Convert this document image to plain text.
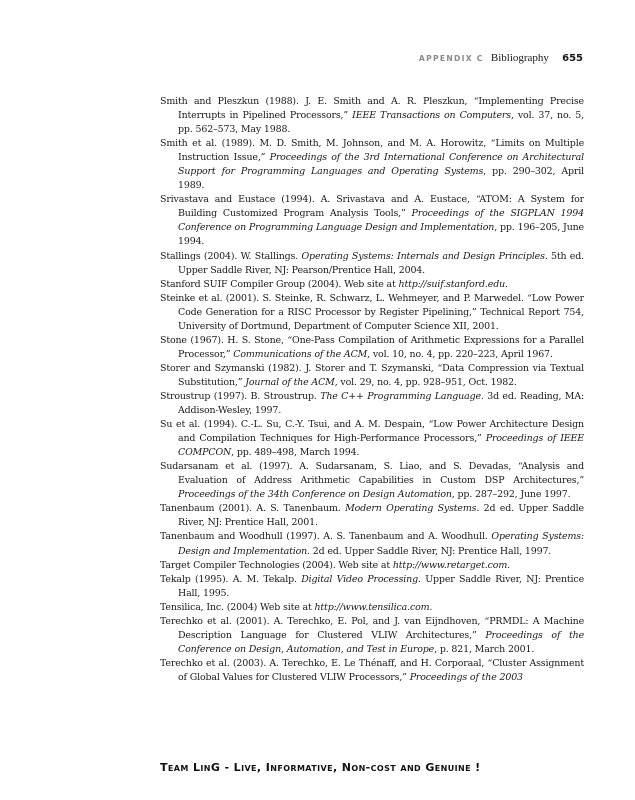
APPENDIX C Bibliography 655

Smith and Pleszkun (1988). J. E. Smith and A. R. Pleszkun, “Implementing Precise Interrupts in Pipelined Processors,” IEEE Transactions on Computers, vol. 37, no. 5, pp. 562–573, May 1988.

Smith et al. (1989). M. D. Smith, M. Johnson, and M. A. Horowitz, “Limits on Multiple Instruction Issue,” Proceedings of the 3rd International Conference on Architectural Support for Programming Languages and Operating Systems, pp. 290–302, April 1989.

Srivastava and Eustace (1994). A. Srivastava and A. Eustace, “ATOM: A System for Building Customized Program Analysis Tools,” Proceedings of the SIGPLAN 1994 Conference on Programming Language Design and Implementation, pp. 196–205, June 1994.

Stallings (2004). W. Stallings. Operating Systems: Internals and Design Principles. 5th ed. Upper Saddle River, NJ: Pearson/Prentice Hall, 2004.

Stanford SUIF Compiler Group (2004). Web site at http://suif.stanford.edu.

Steinke et al. (2001). S. Steinke, R. Schwarz, L. Wehmeyer, and P. Marwedel. “Low Power Code Generation for a RISC Processor by Register Pipelining,” Technical Report 754, University of Dortmund, Department of Computer Science XII, 2001.

Stone (1967). H. S. Stone, “One-Pass Compilation of Arithmetic Expressions for a Parallel Processor,” Communications of the ACM, vol. 10, no. 4, pp. 220–223, April 1967.

Storer and Szymanski (1982). J. Storer and T. Szymanski, “Data Compression via Textual Substitution,” Journal of the ACM, vol. 29, no. 4, pp. 928–951, Oct. 1982.

Stroustrup (1997). B. Stroustrup. The C++ Programming Language. 3d ed. Reading, MA: Addison-Wesley, 1997.

Su et al. (1994). C.-L. Su, C.-Y. Tsui, and A. M. Despain, “Low Power Architecture Design and Compilation Techniques for High-Performance Processors,” Proceedings of IEEE COMPCON, pp. 489–498, March 1994.

Sudarsanam et al. (1997). A. Sudarsanam, S. Liao, and S. Devadas, “Analysis and Evaluation of Address Arithmetic Capabilities in Custom DSP Architectures,” Proceedings of the 34th Conference on Design Automation, pp. 287–292, June 1997.

Tanenbaum (2001). A. S. Tanenbaum. Modern Operating Systems. 2d ed. Upper Saddle River, NJ: Prentice Hall, 2001.

Tanenbaum and Woodhull (1997). A. S. Tanenbaum and A. Woodhull. Operating Systems: Design and Implementation. 2d ed. Upper Saddle River, NJ: Prentice Hall, 1997.

Target Compiler Technologies (2004). Web site at http://www.retarget.com.

Tekalp (1995). A. M. Tekalp. Digital Video Processing. Upper Saddle River, NJ: Prentice Hall, 1995.

Tensilica, Inc. (2004) Web site at http://www.tensilica.com.

Terechko et al. (2001). A. Terechko, E. Pol, and J. van Eijndhoven, “PRMDL: A Machine Description Language for Clustered VLIW Architectures,” Proceedings of the Conference on Design, Automation, and Test in Europe, p. 821, March 2001.

Terechko et al. (2003). A. Terechko, E. Le Thénaff, and H. Corporaal, “Cluster Assignment of Global Values for Clustered VLIW Processors,” Proceedings of the 2003

Team LinG - Live, Informative, Non-cost and Genuine !
